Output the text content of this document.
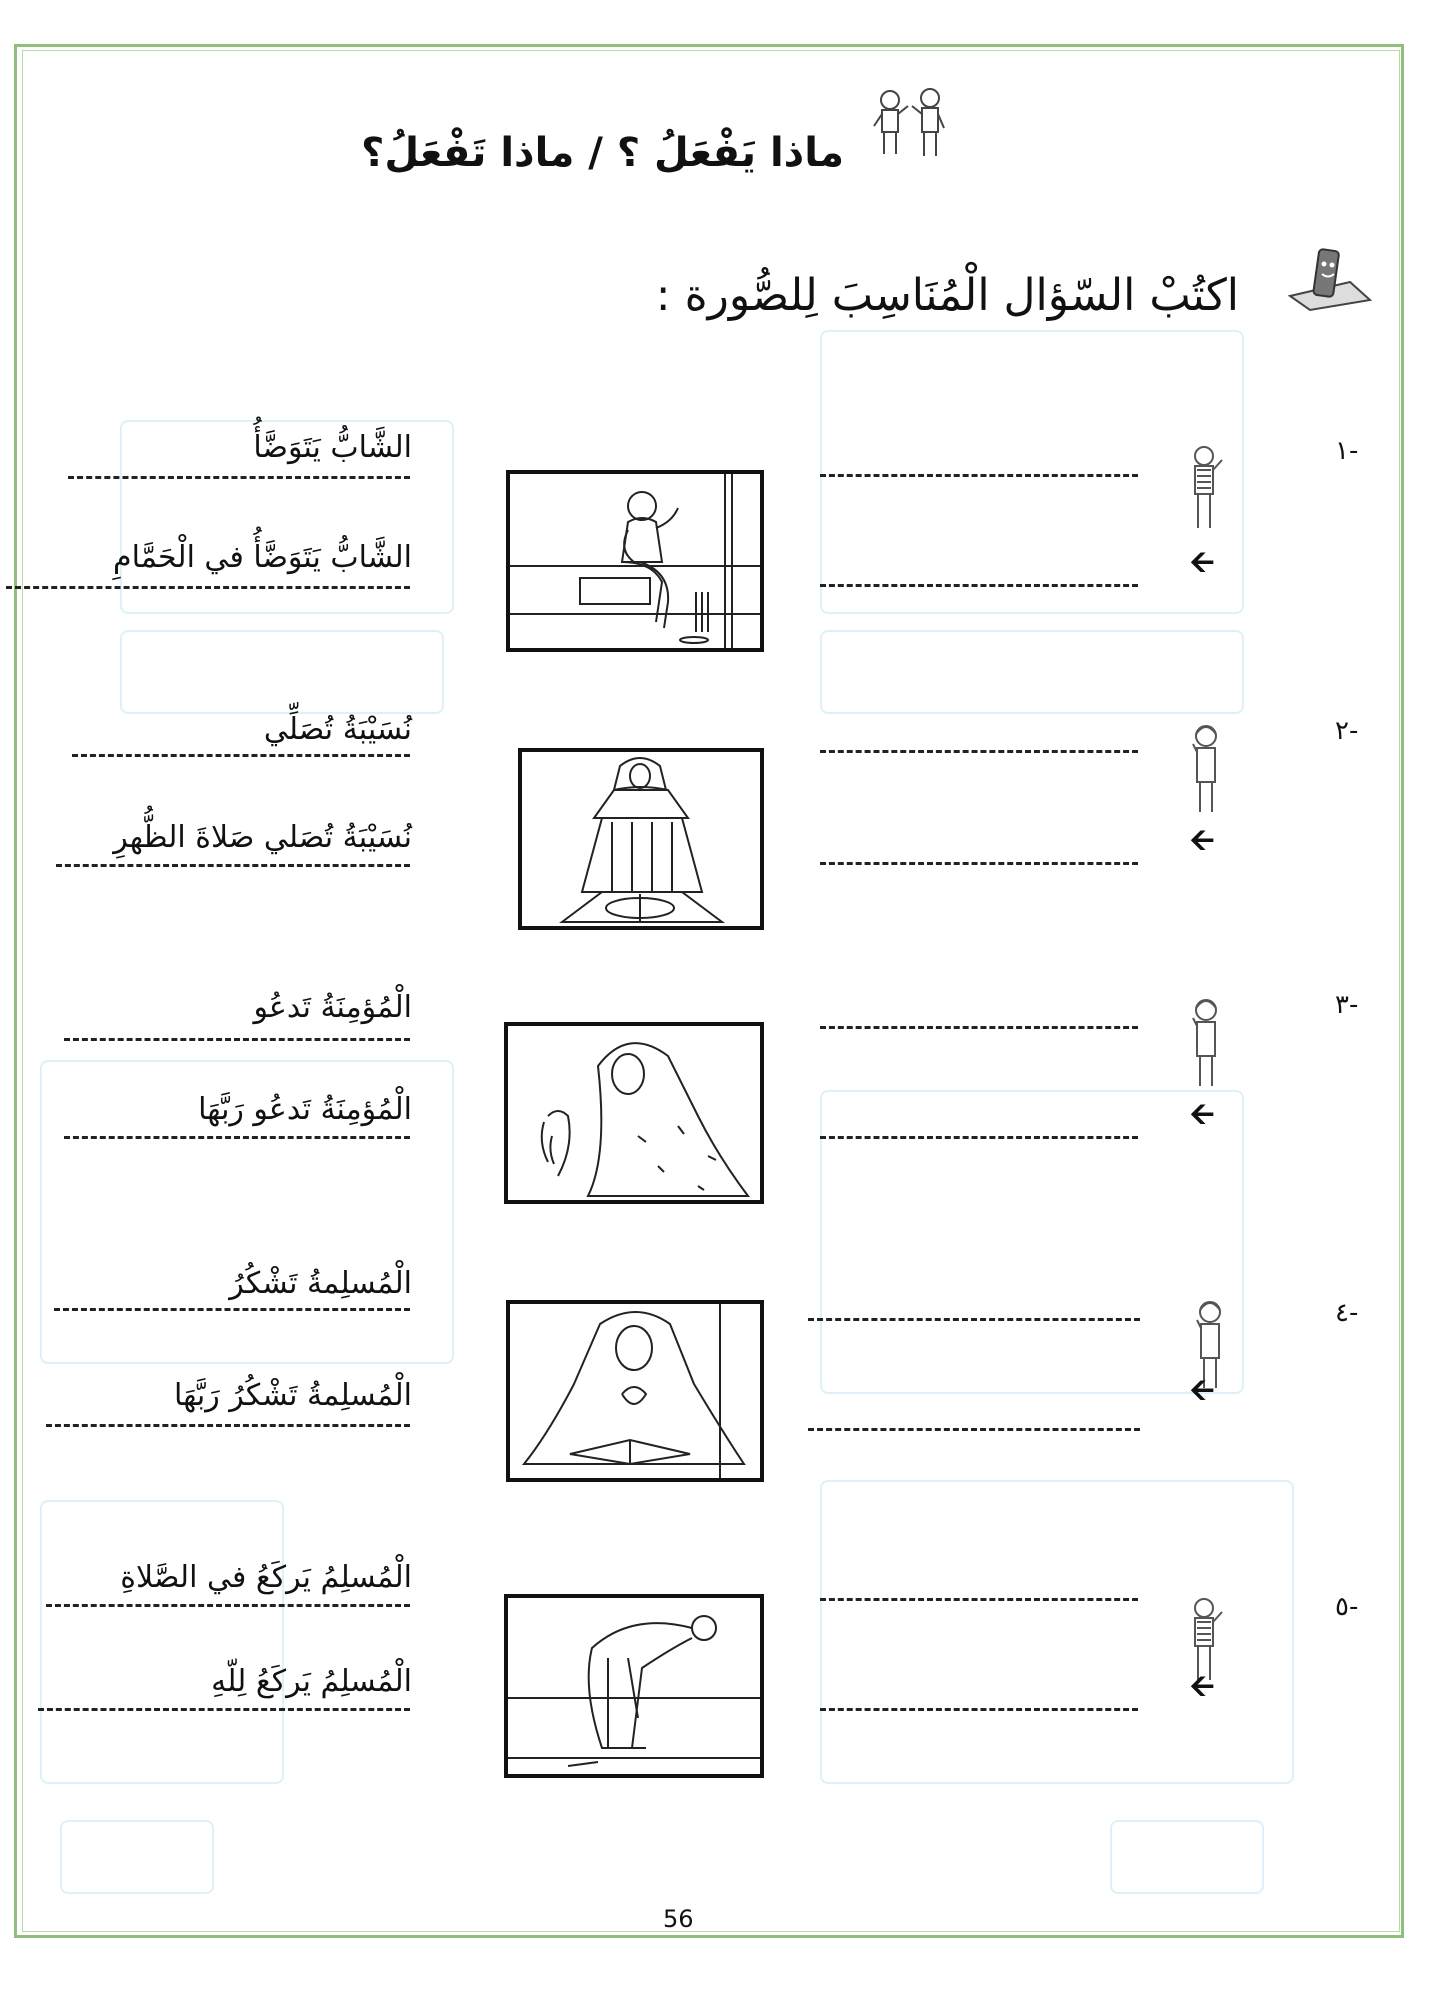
ماذا يَفْعَلُ ؟ / ماذا تَفْعَلُ؟
اكتُبْ السّؤال الْمُنَاسِبَ لِلصُّورة :
-١
🡨
الشَّابُّ يَتَوَضَّأُ
الشَّابُّ يَتَوَضَّأُ في الْحَمَّامِ
-٢
🡨
نُسَيْبَةُ تُصَلِّي
نُسَيْبَةُ تُصَلي صَلاةَ الظُّهرِ
-٣
🡨
الْمُؤمِنَةُ تَدعُو
الْمُؤمِنَةُ تَدعُو رَبَّهَا
-٤
🡨
الْمُسلِمةُ تَشْكُرُ
الْمُسلِمةُ تَشْكُرُ رَبَّهَا
-٥
🡨
الْمُسلِمُ يَركَعُ في الصَّلاةِ
الْمُسلِمُ يَركَعُ لِلّهِ
56
